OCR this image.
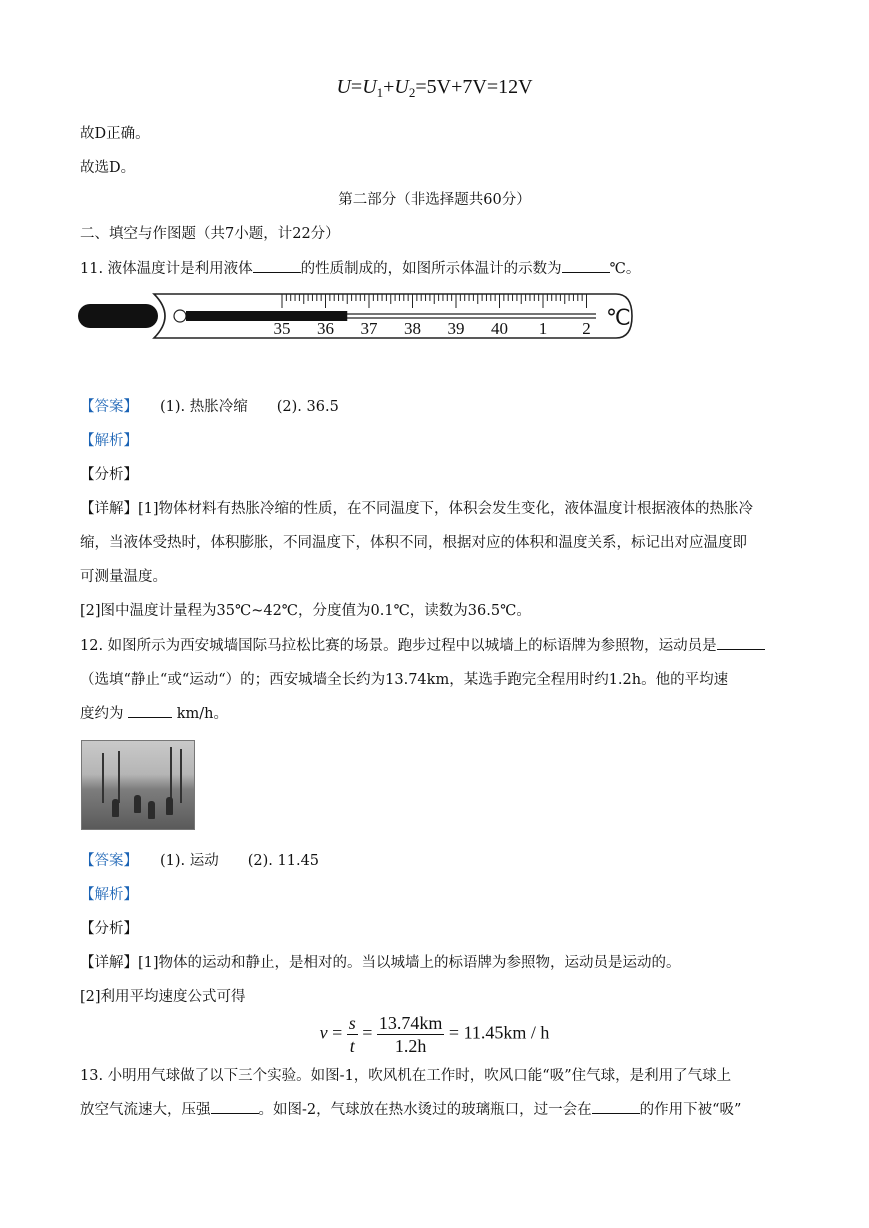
$U=U_1+U_2=5V+7V=12V$
故D正确。
故选D。
第二部分（非选择题共60分）
二、填空与作图题（共7小题，计22分）
11. 液体温度计是利用液体	的性质制成的，如图所示体温计的示数为	℃。
35 36 37 38 39 40 1 2 ℃
【答案】 (1). 热胀冷缩　　(2). 36.5
【解析】
【分析】
【详解】[1]物体材料有热胀冷缩的性质，在不同温度下，体积会发生变化，液体温度计根据液体的热胀冷
缩，当液体受热时，体积膨胀，不同温度下，体积不同，根据对应的体积和温度关系，标记出对应温度即
可测量温度。
[2]图中温度计量程为35℃~42℃，分度值为0.1℃，读数为36.5℃。
12. 如图所示为西安城墙国际马拉松比赛的场景。跑步过程中以城墙上的标语牌为参照物，运动员是
（选填“静止“或“运动“）的；西安城墙全长约为13.74km，某选手跑完全程用时约1.2h。他的平均速
度约为	km/h。
【答案】 (1). 运动　　(2). 11.45
【解析】
【分析】
【详解】[1]物体的运动和静止，是相对的。当以城墙上的标语牌为参照物，运动员是运动的。
[2]利用平均速度公式可得
$v = \frac{s}{t} = \frac{13.74km}{1.2h} = 11.45km / h$
13. 小明用气球做了以下三个实验。如图-1，吹风机在工作时，吹风口能“吸”住气球，是利用了气球上
放空气流速大，压强	。如图-2，气球放在热水烫过的玻璃瓶口，过一会在	的作用下被“吸”
